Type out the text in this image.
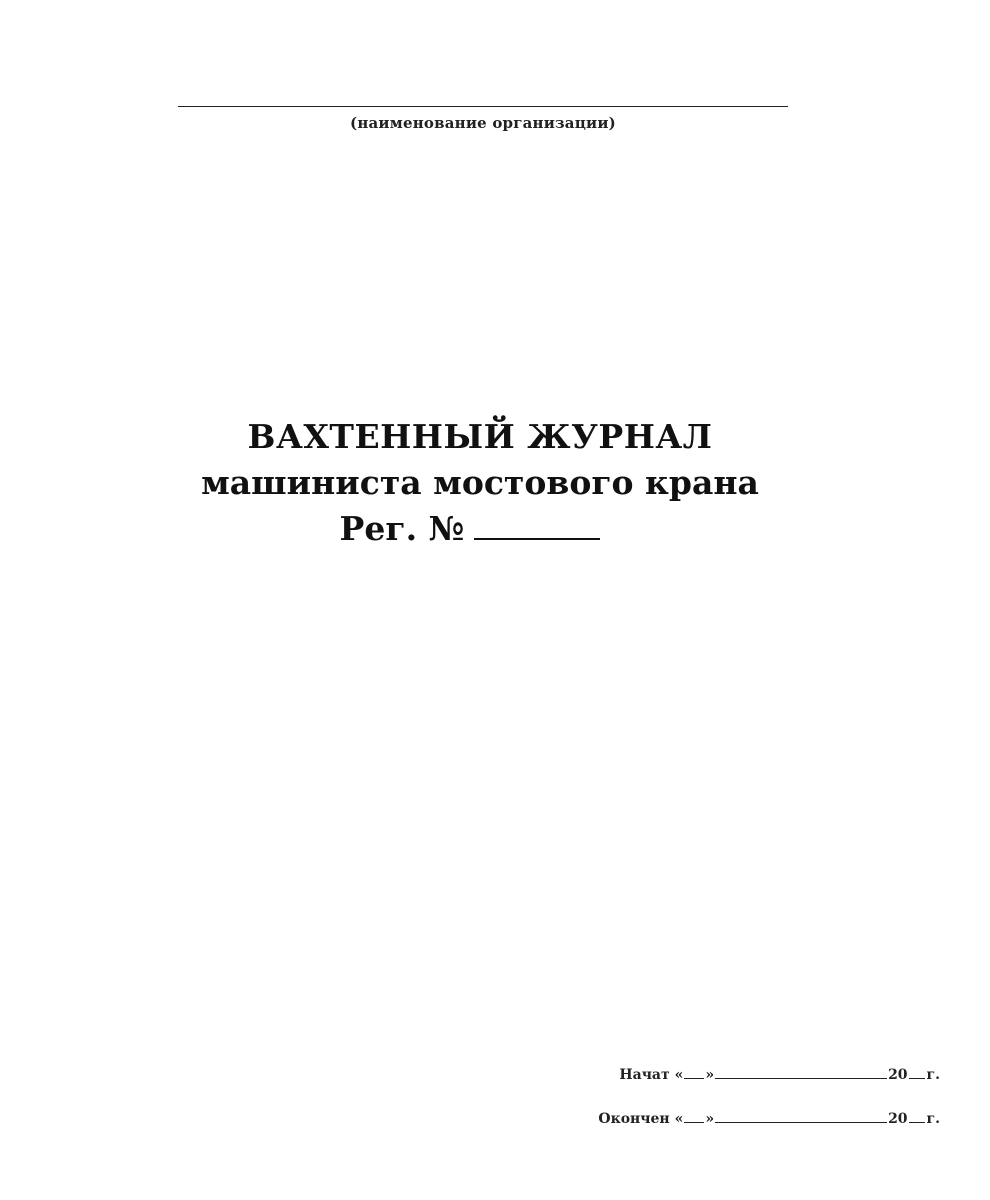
(наименование организации)
ВАХТЕННЫЙ ЖУРНАЛ
машиниста мостового крана
Рег. №
Начат
« »	20 г.
Окончен
« »	20 г.
